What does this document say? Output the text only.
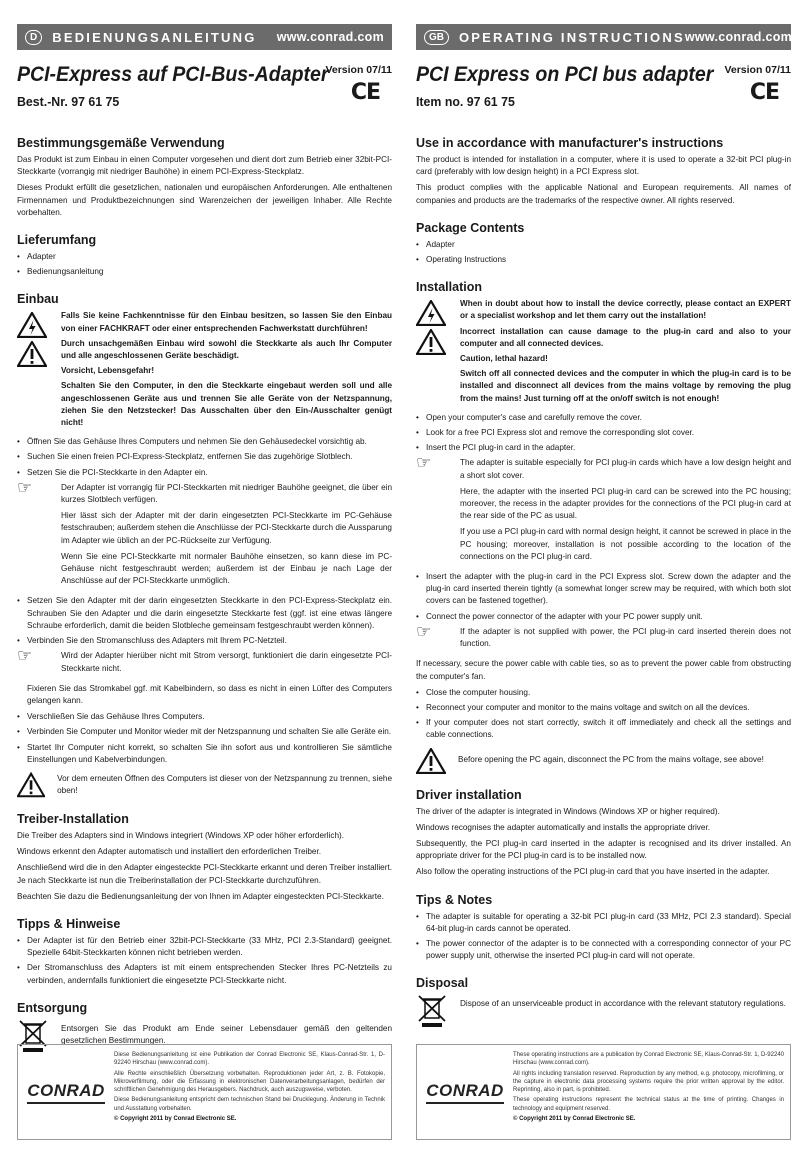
D	BEDIENUNGSANLEITUNG	www.conrad.com
PCI-Express auf PCI-Bus-Adapter
Best.-Nr. 97 61 75
Version 07/11
CE
Bestimmungsgemäße Verwendung

Das Produkt ist zum Einbau in einen Computer vorgesehen und dient dort zum Betrieb einer 32bit-PCI-Steckkarte (vorrangig mit niedriger Bauhöhe) in einem PCI-Express-Steckplatz.

Dieses Produkt erfüllt die gesetzlichen, nationalen und europäischen Anforderungen. Alle enthaltenen Firmennamen und Produktbezeichnungen sind Warenzeichen der jeweiligen Inhaber. Alle Rechte vorbehalten.

Lieferumfang
• Adapter
• Bedienungsanleitung
Einbau

Falls Sie keine Fachkenntnisse für den Einbau besitzen, so lassen Sie den Einbau von einer FACHKRAFT oder einer entsprechenden Fachwerkstatt durchführen!

Durch unsachgemäßen Einbau wird sowohl die Steckkarte als auch Ihr Computer und alle angeschlossenen Geräte beschädigt.

Vorsicht, Lebensgefahr!

Schalten Sie den Computer, in den die Steckkarte eingebaut werden soll und alle angeschlossenen Geräte aus und trennen Sie alle Geräte von der Netzspannung, ziehen Sie den Netzstecker! Das Ausschalten über den Ein-/Ausschalter genügt nicht!

• Öffnen Sie das Gehäuse Ihres Computers und nehmen Sie den Gehäusedeckel vorsichtig ab.
• Suchen Sie einen freien PCI-Express-Steckplatz, entfernen Sie das zugehörige Slotblech.
• Setzen Sie die PCI-Steckkarte in den Adapter ein.
☞	Der Adapter ist vorrangig für PCI-Steckkarten mit niedriger Bauhöhe geeignet, die über ein kurzes Slotblech verfügen.

Hier lässt sich der Adapter mit der darin eingesetzten PCI-Steckkarte im PC-Gehäuse festschrauben; außerdem stehen die Anschlüsse der PCI-Steckkarte durch die Aussparung im Adapter wie üblich an der PC-Rückseite zur Verfügung.

Wenn Sie eine PCI-Steckkarte mit normaler Bauhöhe einsetzen, so kann diese im PC-Gehäuse nicht festgeschraubt werden; außerdem ist der Einbau je nach Lage der Anschlüsse auf der PCI-Steckkarte unmöglich.

• Setzen Sie den Adapter mit der darin eingesetzten Steckkarte in den PCI-Express-Steckplatz ein. Schrauben Sie den Adapter und die darin eingesetzte Steckkarte fest (ggf. ist eine etwas längere Schraube erforderlich, damit die beiden Slotbleche gemeinsam festgeschraubt werden können).
• Verbinden Sie den Stromanschluss des Adapters mit Ihrem PC-Netzteil.
☞	Wird der Adapter hierüber nicht mit Strom versorgt, funktioniert die darin eingesetzte PCI-Steckkarte nicht.

Fixieren Sie das Stromkabel ggf. mit Kabelbindern, so dass es nicht in einen Lüfter des Computers gelangen kann.

• Verschließen Sie das Gehäuse Ihres Computers.
• Verbinden Sie Computer und Monitor wieder mit der Netzspannung und schalten Sie alle Geräte ein.
• Startet Ihr Computer nicht korrekt, so schalten Sie ihn sofort aus und kontrollieren Sie sämtliche Einstellungen und Kabelverbindungen.

Vor dem erneuten Öffnen des Computers ist dieser von der Netzspannung zu trennen, siehe oben!

Treiber-Installation

Die Treiber des Adapters sind in Windows integriert (Windows XP oder höher erforderlich).

Windows erkennt den Adapter automatisch und installiert den erforderlichen Treiber.

Anschließend wird die in den Adapter eingesteckte PCI-Steckkarte erkannt und deren Treiber installiert. Je nach Steckkarte ist nun die Treiberinstallation der PCI-Steckkarte durchzuführen.

Beachten Sie dazu die Bedienungsanleitung der von Ihnen im Adapter eingesteckten PCI-Steckkarte.

Tipps & Hinweise
• Der Adapter ist für den Betrieb einer 32bit-PCI-Steckkarte (33 MHz, PCI 2.3-Standard) geeignet. Spezielle 64bit-Steckkarten können nicht betrieben werden.
• Der Stromanschluss des Adapters ist mit einem entsprechenden Stecker Ihres PC-Netzteils zu verbinden, andernfalls funktioniert die eingesetzte PCI-Steckkarte nicht.
Entsorgung

Entsorgen Sie das Produkt am Ende seiner Lebensdauer gemäß den geltenden gesetzlichen Bestimmungen.

CONRAD

Diese Bedienungsanleitung ist eine Publikation der Conrad Electronic SE, Klaus-Conrad-Str. 1, D-92240 Hirschau (www.conrad.com).

Alle Rechte einschließlich Übersetzung vorbehalten. Reproduktionen jeder Art, z. B. Fotokopie, Mikroverfilmung, oder die Erfassung in elektronischen Datenverarbeitungsanlagen, bedürfen der schriftlichen Genehmigung des Herausgebers. Nachdruck, auch auszugsweise, verboten.

Diese Bedienungsanleitung entspricht dem technischen Stand bei Drucklegung. Änderung in Technik und Ausstattung vorbehalten.

© Copyright 2011 by Conrad Electronic SE.

GB	OPERATING INSTRUCTIONS www.conrad.com
PCI Express on PCI bus adapter
Item no. 97 61 75
Version 07/11
CE
Use in accordance with manufacturer's instructions

The product is intended for installation in a computer, where it is used to operate a 32-bit PCI plug-in card (preferably with low design height) in a PCI Express slot.

This product complies with the applicable National and European requirements. All names of companies and products are the trademarks of the respective owner. All rights reserved.

Package Contents
• Adapter
• Operating Instructions
Installation

When in doubt about how to install the device correctly, please contact an EXPERT or a specialist workshop and let them carry out the installation!

Incorrect installation can cause damage to the plug-in card and also to your computer and all connected devices.

Caution, lethal hazard!

Switch off all connected devices and the computer in which the plug-in card is to be installed and disconnect all devices from the mains voltage by removing the plug from the mains! Just turning off at the on/off switch is not enough!

• Open your computer's case and carefully remove the cover.
• Look for a free PCI Express slot and remove the corresponding slot cover.
• Insert the PCI plug-in card in the adapter.
☞	The adapter is suitable especially for PCI plug-in cards which have a low design height and a short slot cover.

Here, the adapter with the inserted PCI plug-in card can be screwed into the PC housing; moreover, the recess in the adapter provides for the connections of the PCI plug-in card at the rear side of the PC as usual.

If you use a PCI plug-in card with normal design height, it cannot be screwed in place in the PC housing; moreover, installation is not possible according to the location of the connections on the PCI plug-in card.

• Insert the adapter with the plug-in card in the PCI Express slot. Screw down the adapter and the plug-in card inserted therein tightly (a somewhat longer screw may be required, with which both slot covers can be fastened together).
• Connect the power connector of the adapter with your PC power supply unit.
☞	If the adapter is not supplied with power, the PCI plug-in card inserted therein does not function.

If necessary, secure the power cable with cable ties, so as to prevent the power cable from obstructing the computer's fan.

• Close the computer housing.
• Reconnect your computer and monitor to the mains voltage and switch on all the devices.
• If your computer does not start correctly, switch it off immediately and check all the settings and cable connections.

Before opening the PC again, disconnect the PC from the mains voltage, see above!

Driver installation

The driver of the adapter is integrated in Windows (Windows XP or higher required).

Windows recognises the adapter automatically and installs the appropriate driver.

Subsequently, the PCI plug-in card inserted in the adapter is recognised and its driver installed. An appropriate driver for the PCI plug-in card is to be installed now.

Also follow the operating instructions of the PCI plug-in card that you have inserted in the adapter.

Tips & Notes
• The adapter is suitable for operating a 32-bit PCI plug-in card (33 MHz, PCI 2.3 standard). Special 64-bit plug-in cards cannot be operated.
• The power connector of the adapter is to be connected with a corresponding connector of your PC power supply unit, otherwise the inserted PCI plug-in card will not operate.
Disposal

Dispose of an unserviceable product in accordance with the relevant statutory regulations.

CONRAD

These operating instructions are a publication by Conrad Electronic SE, Klaus-Conrad-Str. 1, D-92240 Hirschau (www.conrad.com).

All rights including translation reserved. Reproduction by any method, e.g. photocopy, microfilming, or the capture in electronic data processing systems require the prior written approval by the editor. Reprinting, also in part, is prohibited.

These operating instructions represent the technical status at the time of printing. Changes in technology and equipment reserved.

© Copyright 2011 by Conrad Electronic SE.
